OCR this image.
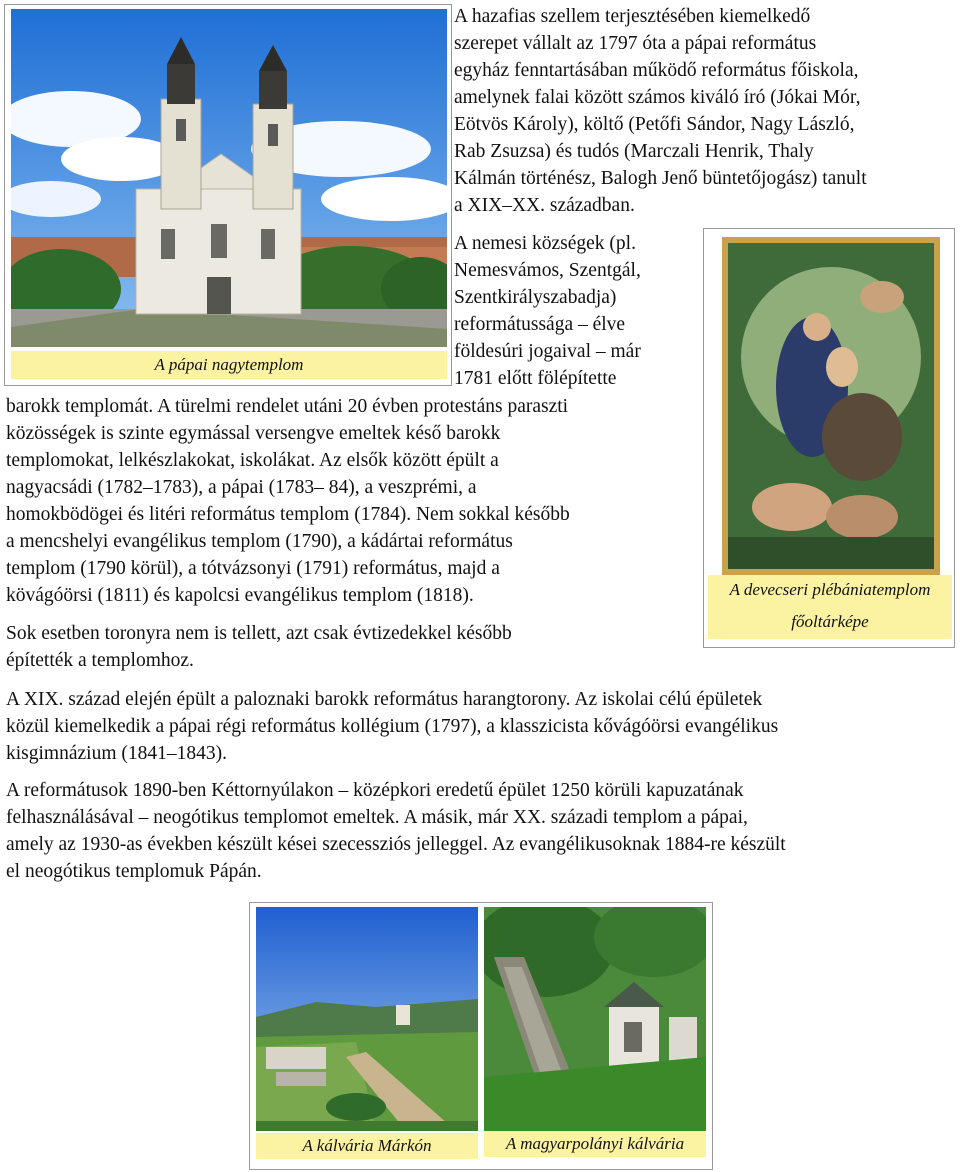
A hazafias szellem terjesztésében kiemelkedő
szerepet vállalt az 1797 óta a pápai református
egyház fenntartásában működő református főiskola,
amelynek falai között számos kiváló író (Jókai Mór,
Eötvös Károly), költő (Petőfi Sándor, Nagy László,
Rab Zsuzsa) és tudós (Marczali Henrik, Thaly
Kálmán történész, Balogh Jenő büntetőjogász) tanult
a XIX–XX. században.
A nemesi községek (pl.
Nemesvámos, Szentgál,
Szentkirályszabadja)
reformátussága – élve
földesúri jogaival – már
1781 előtt fölépítette
barokk templomát. A türelmi rendelet utáni 20 évben protestáns paraszti
közösségek is szinte egymással versengve emeltek késő barokk
templomokat, lelkészlakokat, iskolákat. Az elsők között épült a
nagyacsádi (1782–1783), a pápai (1783– 84), a veszprémi, a
homokbödögei és litéri református templom (1784). Nem sokkal később
a mencshelyi evangélikus templom (1790), a kádártai református
templom (1790 körül), a tótvázsonyi (1791) református, majd a
kövágóörsi (1811) és kapolcsi evangélikus templom (1818).
Sok esetben toronyra nem is tellett, azt csak évtizedekkel később
építették a templomhoz.
A XIX. század elején épült a paloznaki barokk református harangtorony. Az iskolai célú épületek
közül kiemelkedik a pápai régi református kollégium (1797), a klasszicista kővágóörsi evangélikus
kisgimnázium (1841–1843).
A reformátusok 1890-ben Kéttornyúlakon – középkori eredetű épület 1250 körüli kapuzatának
felhasználásával – neogótikus templomot emeltek. A másik, már XX. századi templom a pápai,
amely az 1930-as években készült kései szecessziós jelleggel. Az evangélikusoknak 1884-re készült
el neogótikus templomuk Pápán.
A pápai nagytemplom
A devecseri plébániatemplom
főoltárképe
A kálvária Márkón	A magyarpolányi kálvária
